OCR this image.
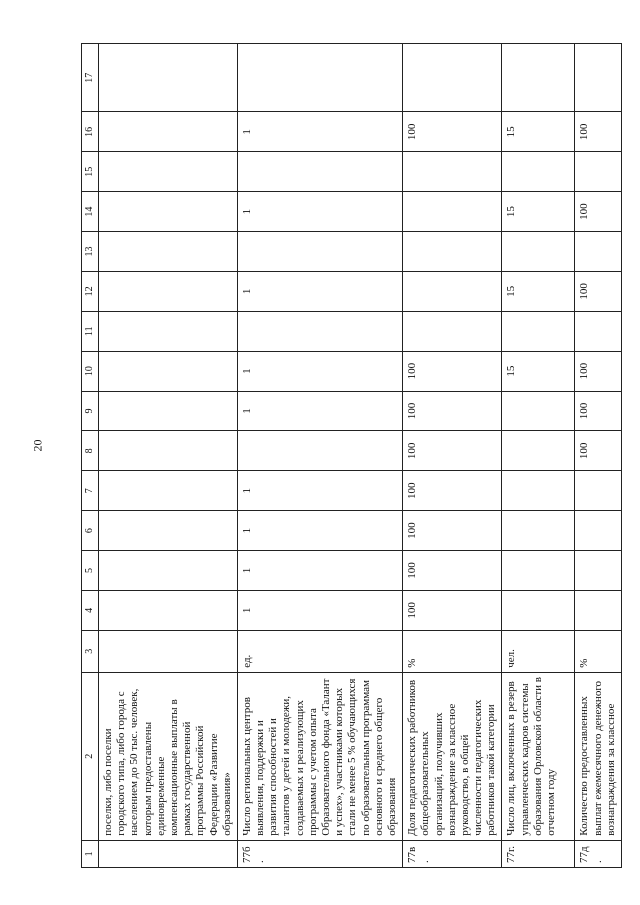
20
1	2	3	4	5	6	7	8	9	10	11	12	13	14	15	16	17
	поселки, либо поселки городского типа, либо города с населением до 50 тыс. человек, которым предоставлены единовременные компенсационные выплаты в рамках государственной программы Российской Федерации «Развитие образования»															
77б.	Число региональных центров выявления, поддержки и развития способностей и талантов у детей и молодежи, создаваемых и реализующих программы с учетом опыта Образовательного фонда «Талант и успех», участниками которых стали не менее 5 % обучающихся по образовательным программам основного и среднего общего образования	ед.	1	1	1	1		1	1		1		1		1	
77в.	Доля педагогических работников общеобразовательных организаций, получивших вознаграждение за классное руководство, в общей численности педагогических работников такой категории	%	100	100	100	100	100	100	100						100	
77г.	Число лиц, включенных в резерв управленческих кадров системы образования Орловской области в отчетном году	чел.							15		15		15		15	
77д.	Количество предоставленных выплат ежемесячного денежного вознаграждения за классное	%					100	100	100		100		100		100	
